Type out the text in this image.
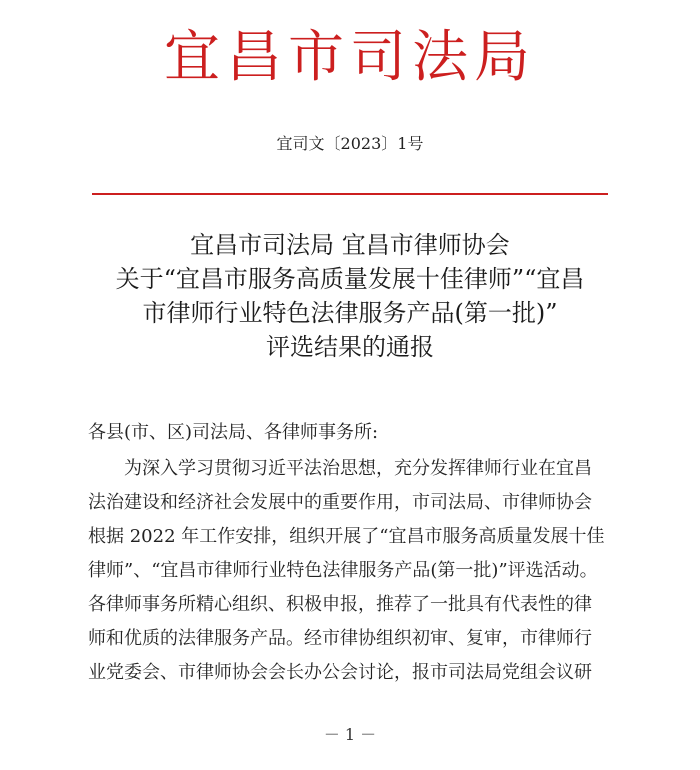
宜昌市司法局
宜司文〔2023〕1号
宜昌市司法局 宜昌市律师协会
关于“宜昌市服务高质量发展十佳律师”“宜昌
市律师行业特色法律服务产品(第一批)”
评选结果的通报
各县(市、区)司法局、各律师事务所:
为深入学习贯彻习近平法治思想，充分发挥律师行业在宜昌
法治建设和经济社会发展中的重要作用，市司法局、市律师协会
根据 2022 年工作安排，组织开展了“宜昌市服务高质量发展十佳
律师”、“宜昌市律师行业特色法律服务产品(第一批)”评选活动。
各律师事务所精心组织、积极申报，推荐了一批具有代表性的律
师和优质的法律服务产品。经市律协组织初审、复审，市律师行
业党委会、市律师协会会长办公会讨论，报市司法局党组会议研
－ 1 －
